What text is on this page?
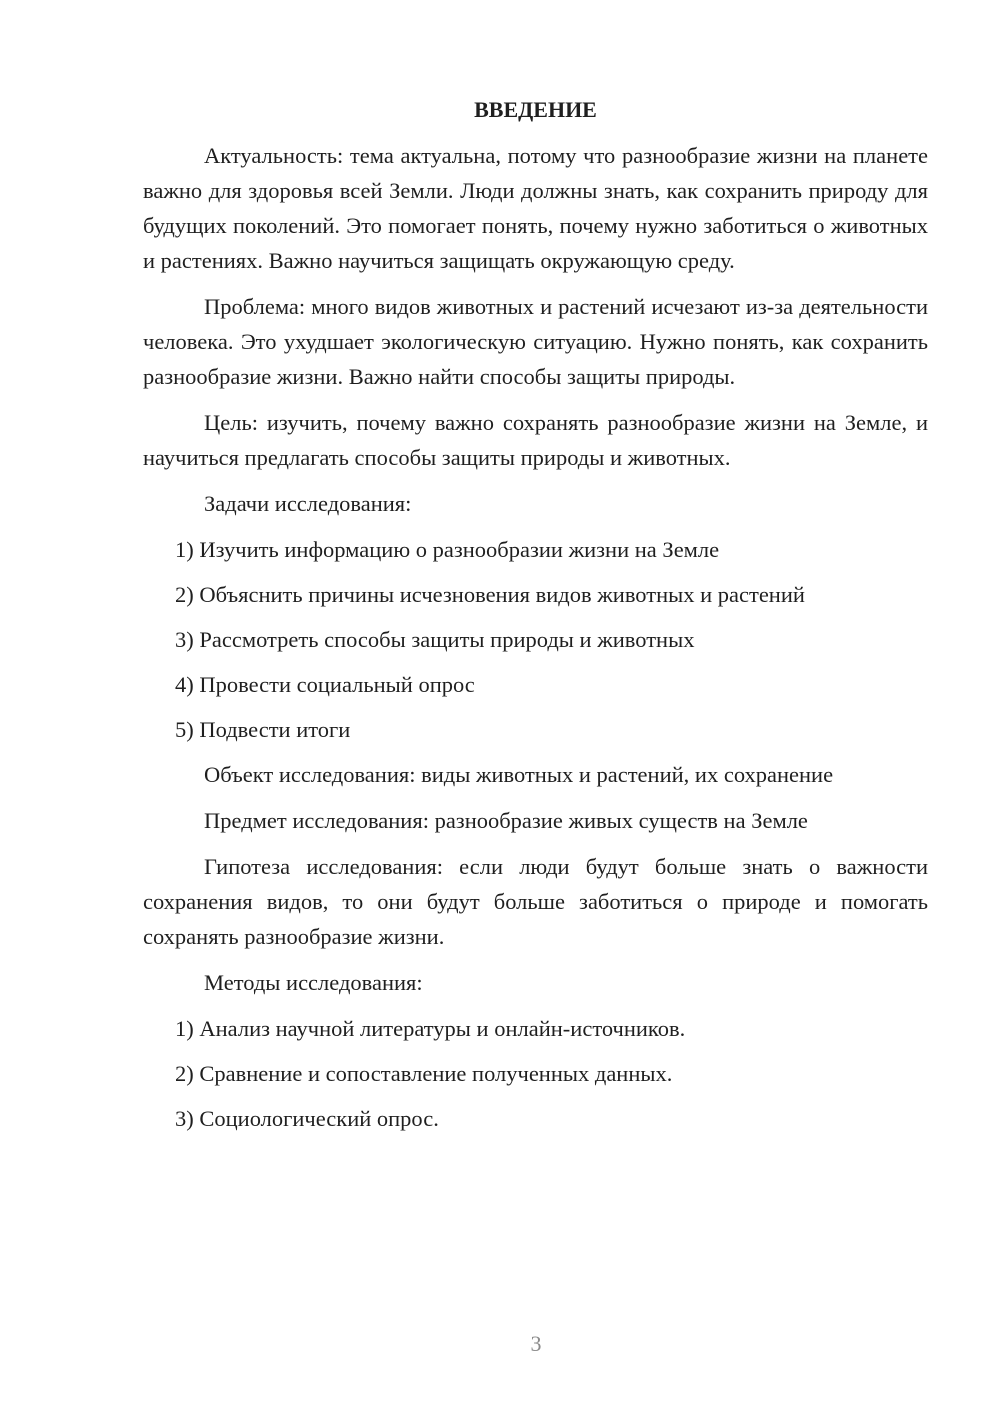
ВВЕДЕНИЕ

Актуальность: тема актуальна, потому что разнообразие жизни на планете важно для здоровья всей Земли. Люди должны знать, как сохранить природу для будущих поколений. Это помогает понять, почему нужно заботиться о животных и растениях. Важно научиться защищать окружающую среду.

Проблема: много видов животных и растений исчезают из-за деятельности человека. Это ухудшает экологическую ситуацию. Нужно понять, как сохранить разнообразие жизни. Важно найти способы защиты природы.

Цель: изучить, почему важно сохранять разнообразие жизни на Земле, и научиться предлагать способы защиты природы и животных.

Задачи исследования:

1) Изучить информацию о разнообразии жизни на Земле

2) Объяснить причины исчезновения видов животных и растений

3) Рассмотреть способы защиты природы и животных

4) Провести социальный опрос

5) Подвести итоги

Объект исследования: виды животных и растений, их сохранение

Предмет исследования: разнообразие живых существ на Земле

Гипотеза исследования: если люди будут больше знать о важности сохранения видов, то они будут больше заботиться о природе и помогать сохранять разнообразие жизни.

Методы исследования:

1) Анализ научной литературы и онлайн-источников.

2) Сравнение и сопоставление полученных данных.

3) Социологический опрос.

3
